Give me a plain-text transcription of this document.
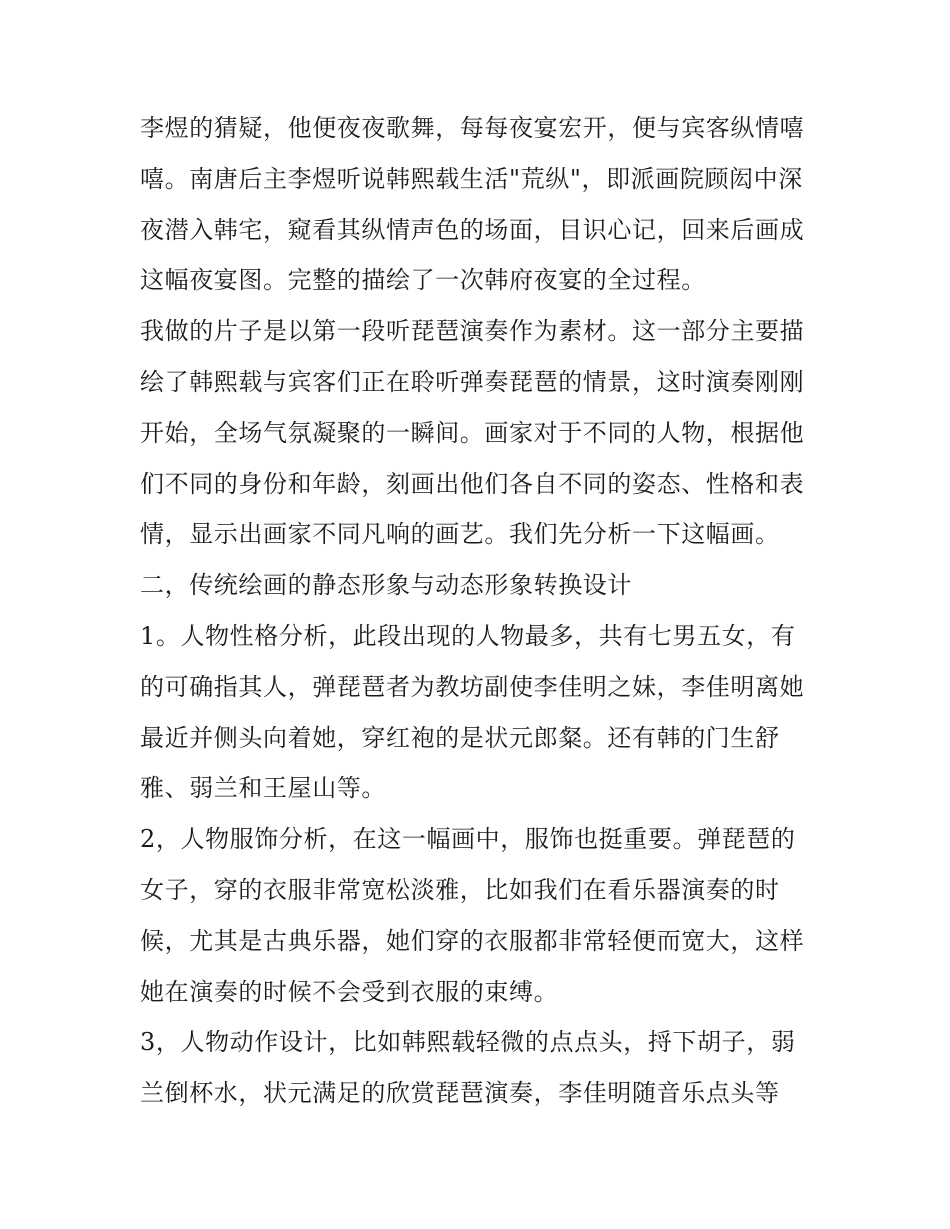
李煜的猜疑，他便夜夜歌舞，每每夜宴宏开，便与宾客纵情嘻
嘻。南唐后主李煜听说韩熙载生活"荒纵"，即派画院顾闳中深
夜潜入韩宅，窥看其纵情声色的场面，目识心记，回来后画成
这幅夜宴图。完整的描绘了一次韩府夜宴的全过程。
我做的片子是以第一段听琵琶演奏作为素材。这一部分主要描
绘了韩熙载与宾客们正在聆听弹奏琵琶的情景，这时演奏刚刚
开始，全场气氛凝聚的一瞬间。画家对于不同的人物，根据他
们不同的身份和年龄，刻画出他们各自不同的姿态、性格和表
情，显示出画家不同凡响的画艺。我们先分析一下这幅画。
二，传统绘画的静态形象与动态形象转换设计
1。人物性格分析，此段出现的人物最多，共有七男五女，有
的可确指其人，弹琵琶者为教坊副使李佳明之妹，李佳明离她
最近并侧头向着她，穿红袍的是状元郎粲。还有韩的门生舒
雅、弱兰和王屋山等。
2，人物服饰分析，在这一幅画中，服饰也挺重要。弹琵琶的
女子，穿的衣服非常宽松淡雅，比如我们在看乐器演奏的时
候，尤其是古典乐器，她们穿的衣服都非常轻便而宽大，这样
她在演奏的时候不会受到衣服的束缚。
3，人物动作设计，比如韩熙载轻微的点点头，捋下胡子，弱
兰倒杯水，状元满足的欣赏琵琶演奏，李佳明随音乐点头等
